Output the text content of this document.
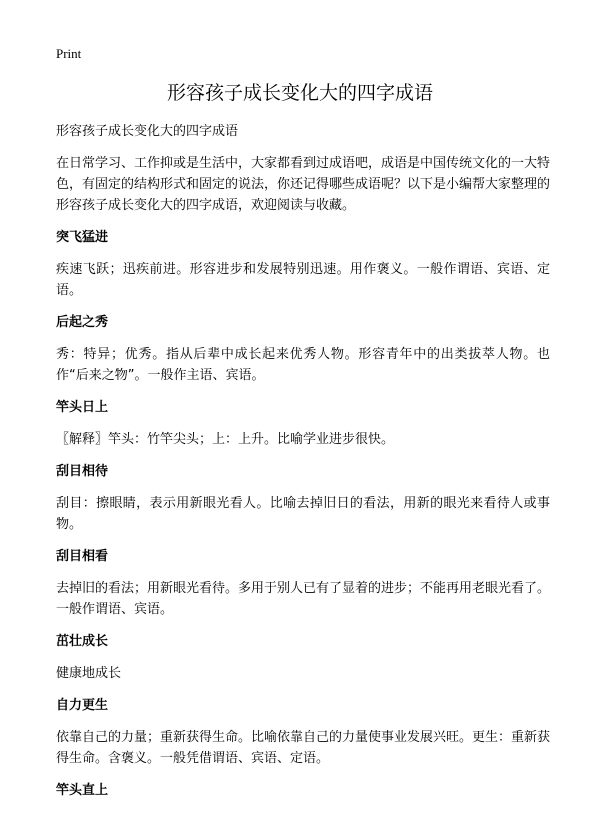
Print
形容孩子成长变化大的四字成语

形容孩子成长变化大的四字成语

在日常学习、工作抑或是生活中，大家都看到过成语吧，成语是中国传统文化的一大特色，有固定的结构形式和固定的说法，你还记得哪些成语呢？以下是小编帮大家整理的形容孩子成长变化大的四字成语，欢迎阅读与收藏。

突飞猛进

疾速飞跃；迅疾前进。形容进步和发展特别迅速。用作褒义。一般作谓语、宾语、定语。

后起之秀

秀：特异；优秀。指从后辈中成长起来优秀人物。形容青年中的出类拔萃人物。也作“后来之物”。一般作主语、宾语。

竿头日上

〖解释〗竿头：竹竿尖头；上：上升。比喻学业进步很快。

刮目相待

刮目：擦眼睛，表示用新眼光看人。比喻去掉旧日的看法，用新的眼光来看待人或事物。

刮目相看

去掉旧的看法；用新眼光看待。多用于别人已有了显着的进步；不能再用老眼光看了。一般作谓语、宾语。

茁壮成长

健康地成长

自力更生

依靠自己的力量；重新获得生命。比喻依靠自己的力量使事业发展兴旺。更生：重新获得生命。含褒义。一般凭借谓语、宾语、定语。

竿头直上
